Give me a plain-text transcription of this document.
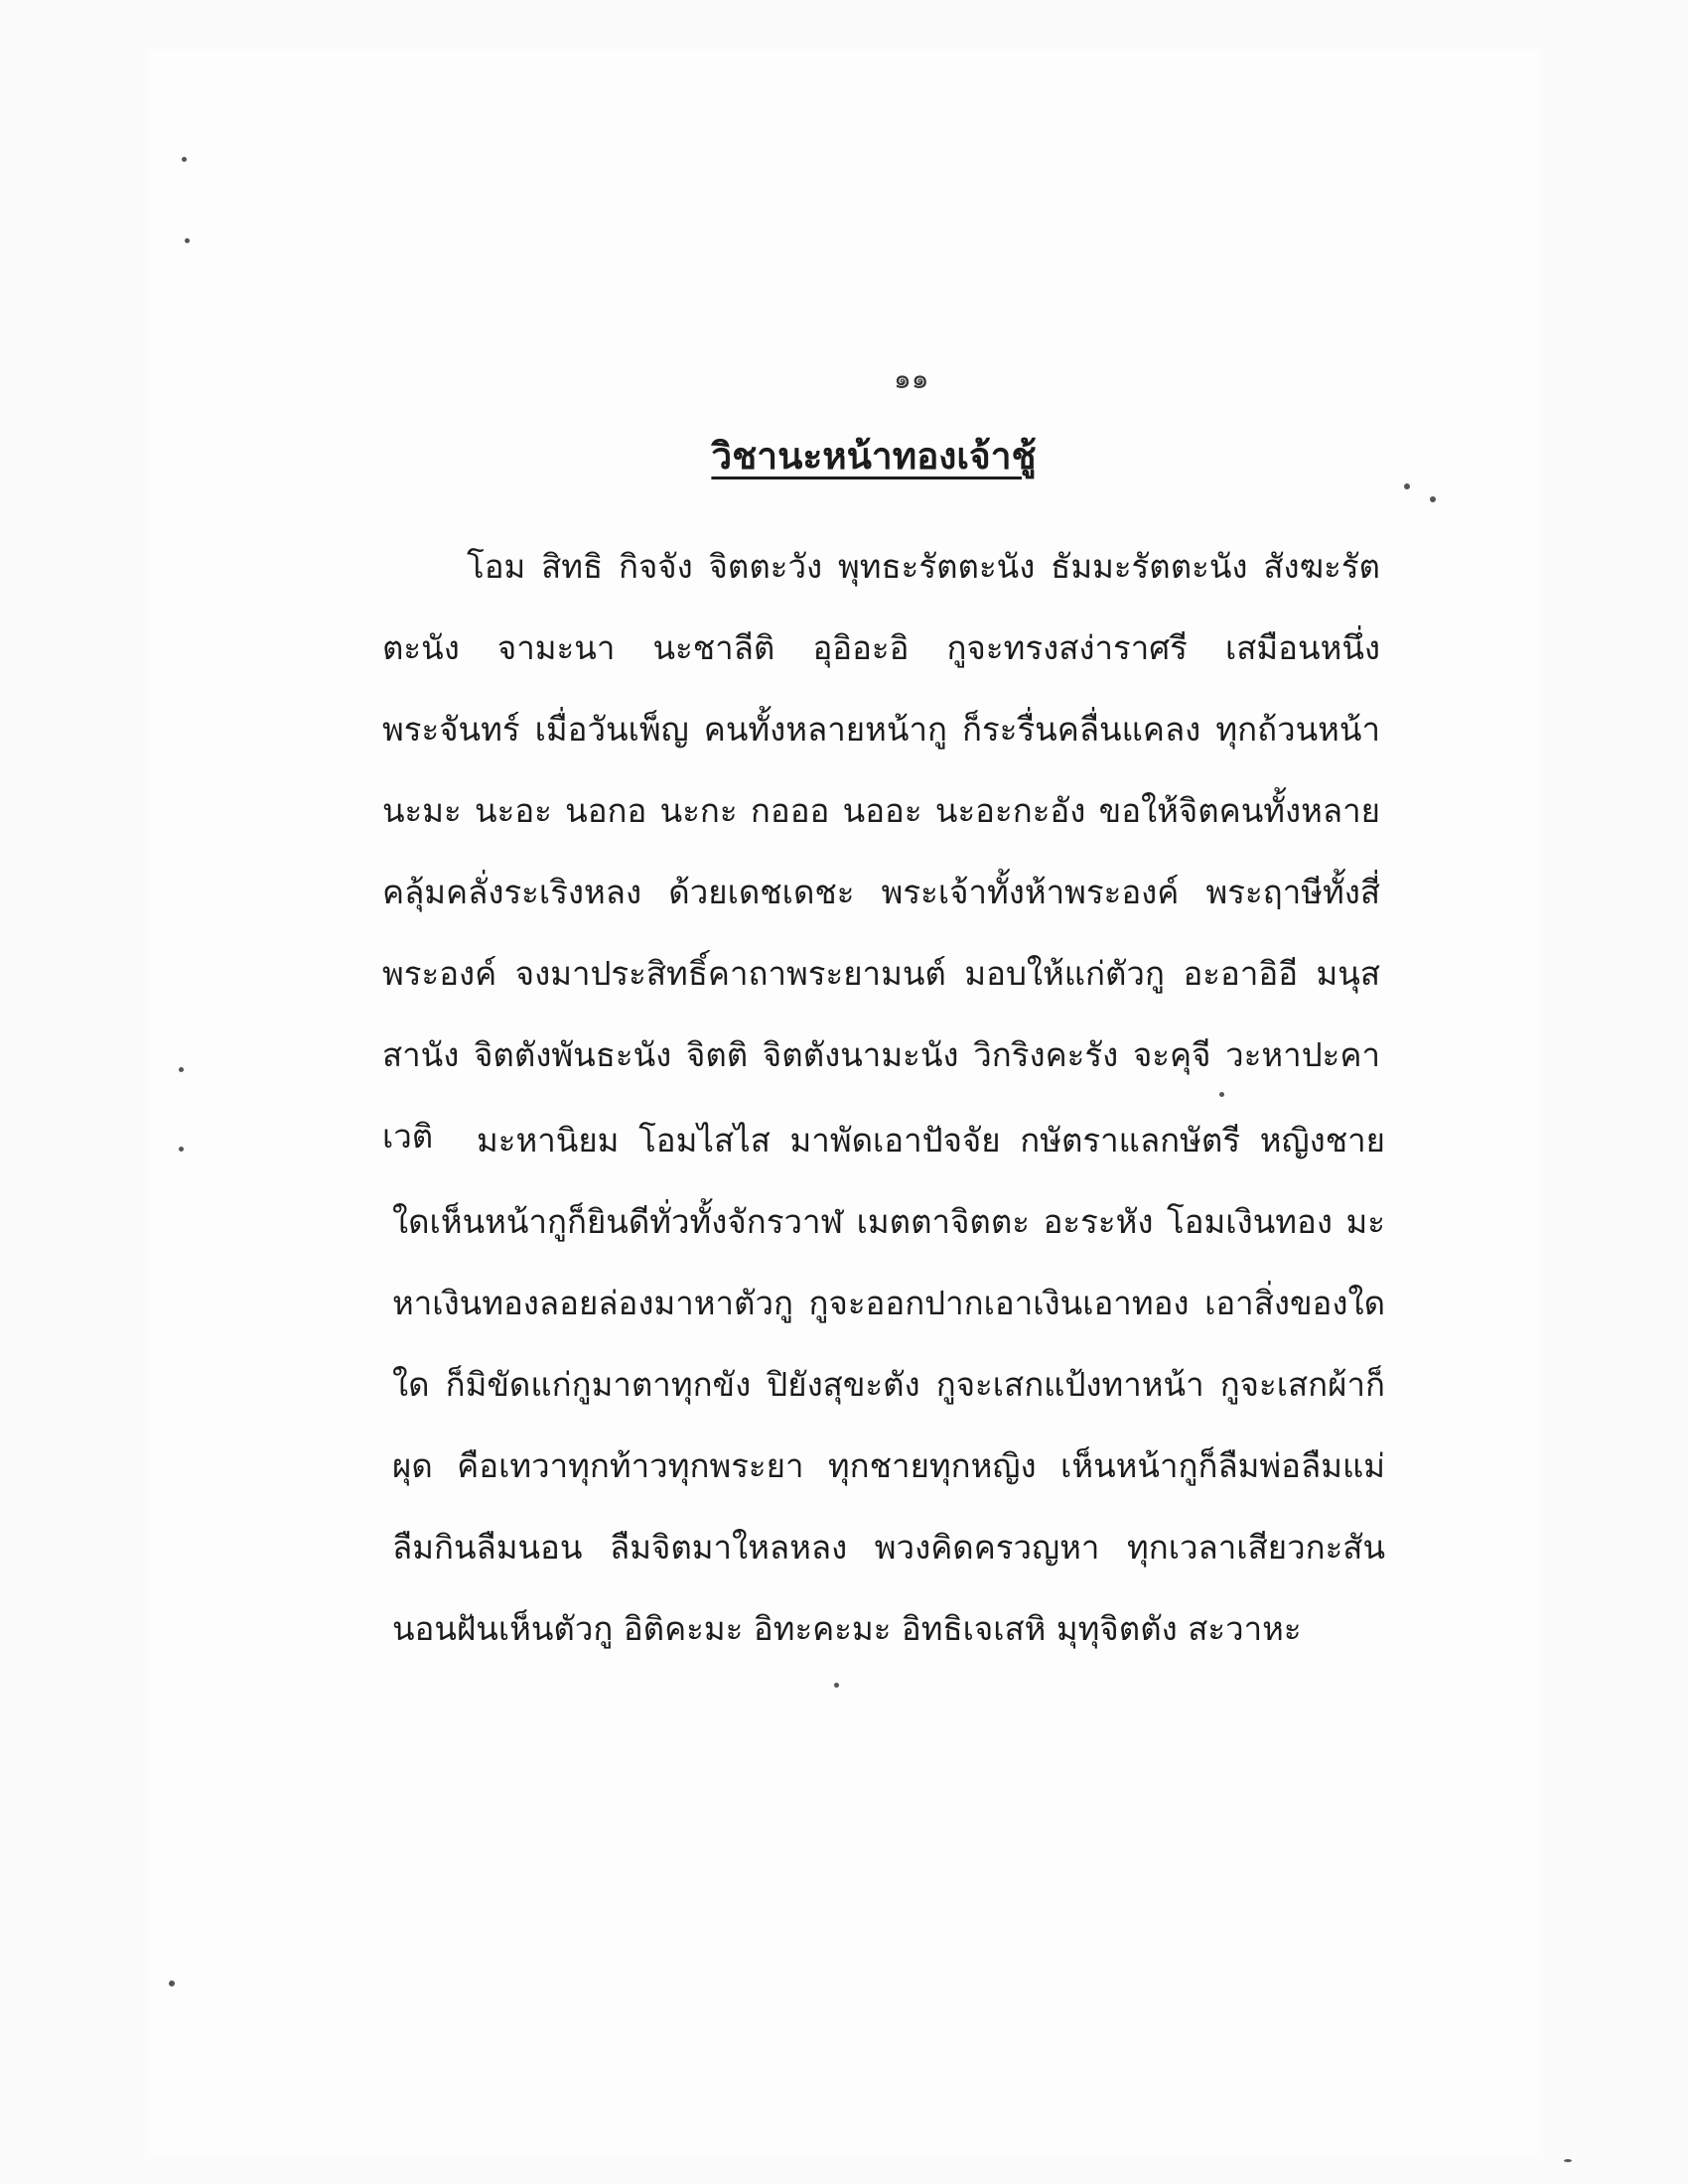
๑๑
วิชานะหน้าทองเจ้าชู้

โอม สิทธิ กิจจัง จิตตะวัง พุทธะรัตตะนัง ธัมมะรัตตะนัง สังฆะรัตตะนัง จามะนา นะชาลีติ อุอิอะอิ กูจะทรงสง่าราศรี เสมือนหนึ่งพระจันทร์ เมื่อวันเพ็ญ คนทั้งหลายหน้ากู ก็ระรื่นคลื่นแคลง ทุกถ้วนหน้า นะมะ นะอะ นอกอ นะกะ กอออ นออะ นะอะกะอัง ขอให้จิตคนทั้งหลาย คลุ้มคลั่งระเริงหลง ด้วยเดชเดชะ พระเจ้าทั้งห้าพระองค์ พระฤาษีทั้งสี่พระองค์ จงมาประสิทธิ์คาถาพระยามนต์ มอบให้แก่ตัวกู อะอาอิอี มนุสสานัง จิตตังพันธะนัง จิตติ จิตตังนามะนัง วิกริงคะรัง จะคุจี วะหาปะคาเวติ	มะหานิยม โอมไสไส มาพัดเอาปัจจัย กษัตราแลกษัตรี หญิงชายใดเห็นหน้ากูก็ยินดีทั่วทั้งจักรวาฬ เมตตาจิตตะ อะระหัง โอมเงินทอง มะหาเงินทองลอยล่องมาหาตัวกู กูจะออกปากเอาเงินเอาทอง เอาสิ่งของใดใด ก็มิขัดแก่กูมาตาทุกขัง ปิยังสุขะตัง กูจะเสกแป้งทาหน้า กูจะเสกผ้าก็ผุด คือเทวาทุกท้าวทุกพระยา ทุกชายทุกหญิง เห็นหน้ากูก็ลืมพ่อลืมแม่ ลืมกินลืมนอน ลืมจิตมาใหลหลง พวงคิดครวญหา ทุกเวลาเสียวกะสัน นอนฝันเห็นตัวกู อิติคะมะ อิทะคะมะ อิทธิเจเสหิ มุทุจิตตัง สะวาหะ
